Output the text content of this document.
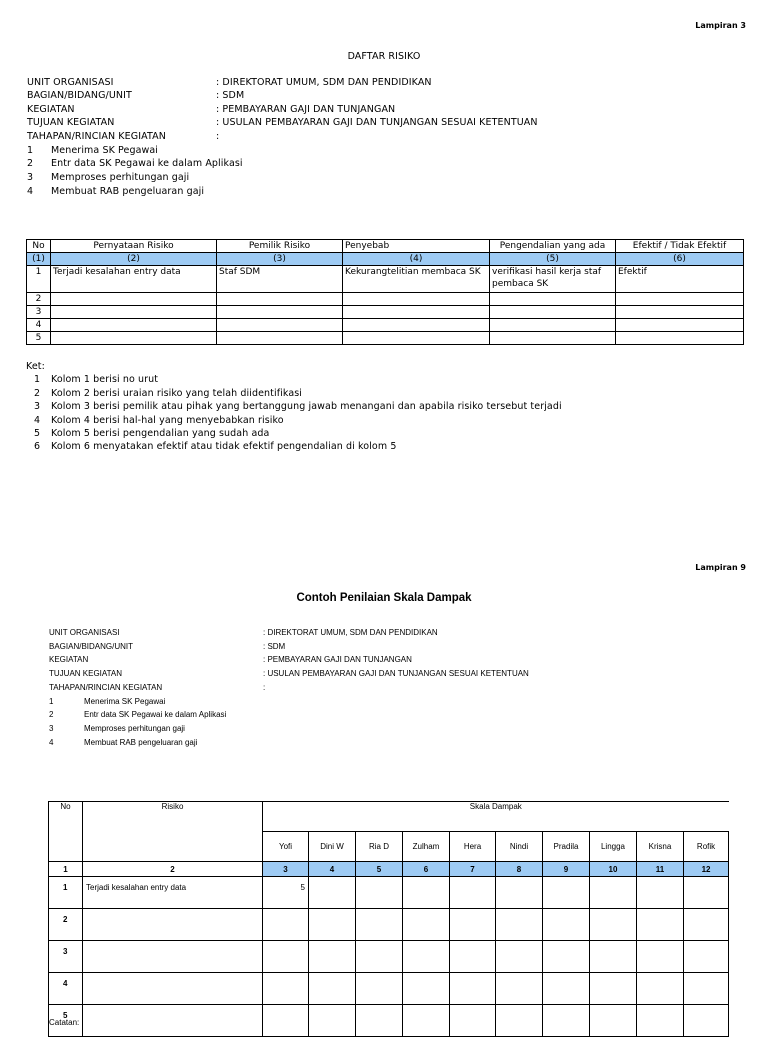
Lampiran 3
DAFTAR RISIKO
UNIT ORGANISASI	: DIREKTORAT UMUM, SDM DAN PENDIDIKAN
BAGIAN/BIDANG/UNIT	: SDM
KEGIATAN	: PEMBAYARAN GAJI DAN TUNJANGAN
TUJUAN KEGIATAN	: USULAN PEMBAYARAN GAJI DAN TUNJANGAN SESUAI KETENTUAN
TAHAPAN/RINCIAN KEGIATAN	:
1 Menerima SK Pegawai
2 Entr data SK Pegawai ke dalam Aplikasi
3 Memproses perhitungan gaji
4 Membuat RAB pengeluaran gaji
No	Pernyataan Risiko	Pemilik Risiko	Penyebab	Pengendalian yang ada	Efektif / Tidak Efektif
(1)	(2)	(3)	(4)	(5)	(6)
1	Terjadi kesalahan entry data	Staf SDM	Kekurangtelitian membaca SK	verifikasi hasil kerja staf pembaca SK	Efektif
2					
3					
4					
5					
Ket:
1 Kolom 1 berisi no urut
2 Kolom 2 berisi uraian risiko yang telah diidentifikasi
3 Kolom 3 berisi pemilik atau pihak yang bertanggung jawab menangani dan apabila risiko tersebut terjadi
4 Kolom 4 berisi hal-hal yang menyebabkan risiko
5 Kolom 5 berisi pengendalian yang sudah ada
6 Kolom 6 menyatakan efektif atau tidak efektif pengendalian di kolom 5
Lampiran 9
Contoh Penilaian Skala Dampak
UNIT ORGANISASI	: DIREKTORAT UMUM, SDM DAN PENDIDIKAN
BAGIAN/BIDANG/UNIT	: SDM
KEGIATAN	: PEMBAYARAN GAJI DAN TUNJANGAN
TUJUAN KEGIATAN	: USULAN PEMBAYARAN GAJI DAN TUNJANGAN SESUAI KETENTUAN
TAHAPAN/RINCIAN KEGIATAN	:
1	Menerima SK Pegawai
2	Entr data SK Pegawai ke dalam Aplikasi
3	Memproses perhitungan gaji
4	Membuat RAB pengeluaran gaji
No	Risiko	Skala Dampak									
		Yofi	Dini W	Ria D	Zulham	Hera	Nindi	Pradila	Lingga	Krisna	Rofik
1	2	3	4	5	6	7	8	9	10	11	12
1	Terjadi kesalahan entry data	5									
2											
3											
4											
5											
Catatan:
